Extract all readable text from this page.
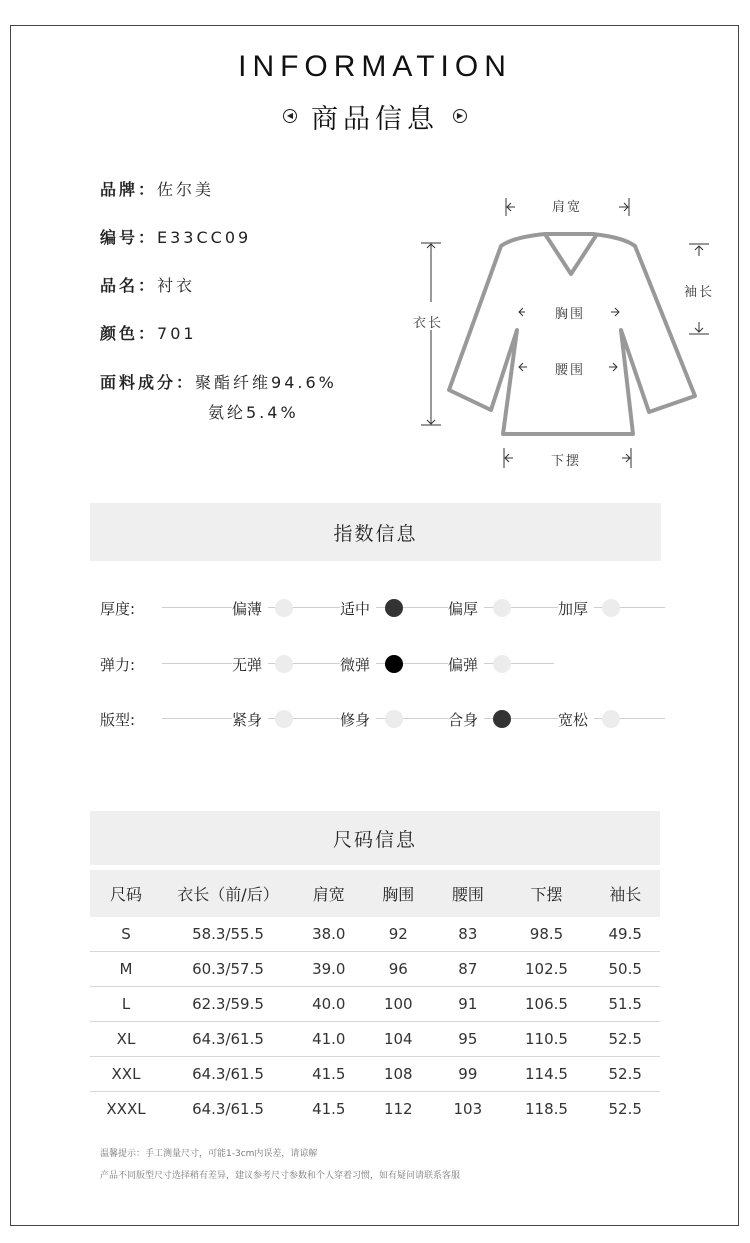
INFORMATION
◀ 商品信息	▶
品牌：佐尔美
编号：E33CC09
品名：衬衣
颜色：701
面料成分：聚酯纤维94.6%
氨纶5.4%
肩宽
衣长
袖长
胸围
腰围
下摆
指数信息
厚度:	偏薄	适中	偏厚	加厚
弹力:	无弹	微弹	偏弹
版型:	紧身	修身	合身	宽松
尺码信息
尺码	衣长（前/后）	肩宽	胸围	腰围	下摆	袖长
S	58.3/55.5	38.0	92	83	98.5	49.5
M	60.3/57.5	39.0	96	87	102.5	50.5
L	62.3/59.5	40.0	100	91	106.5	51.5
XL	64.3/61.5	41.0	104	95	110.5	52.5
XXL	64.3/61.5	41.5	108	99	114.5	52.5
XXXL	64.3/61.5	41.5	112	103	118.5	52.5
温馨提示：手工测量尺寸，可能1-3cm内误差，请谅解
产品不同版型尺寸选择稍有差异，建议参考尺寸参数和个人穿着习惯，如有疑问请联系客服
